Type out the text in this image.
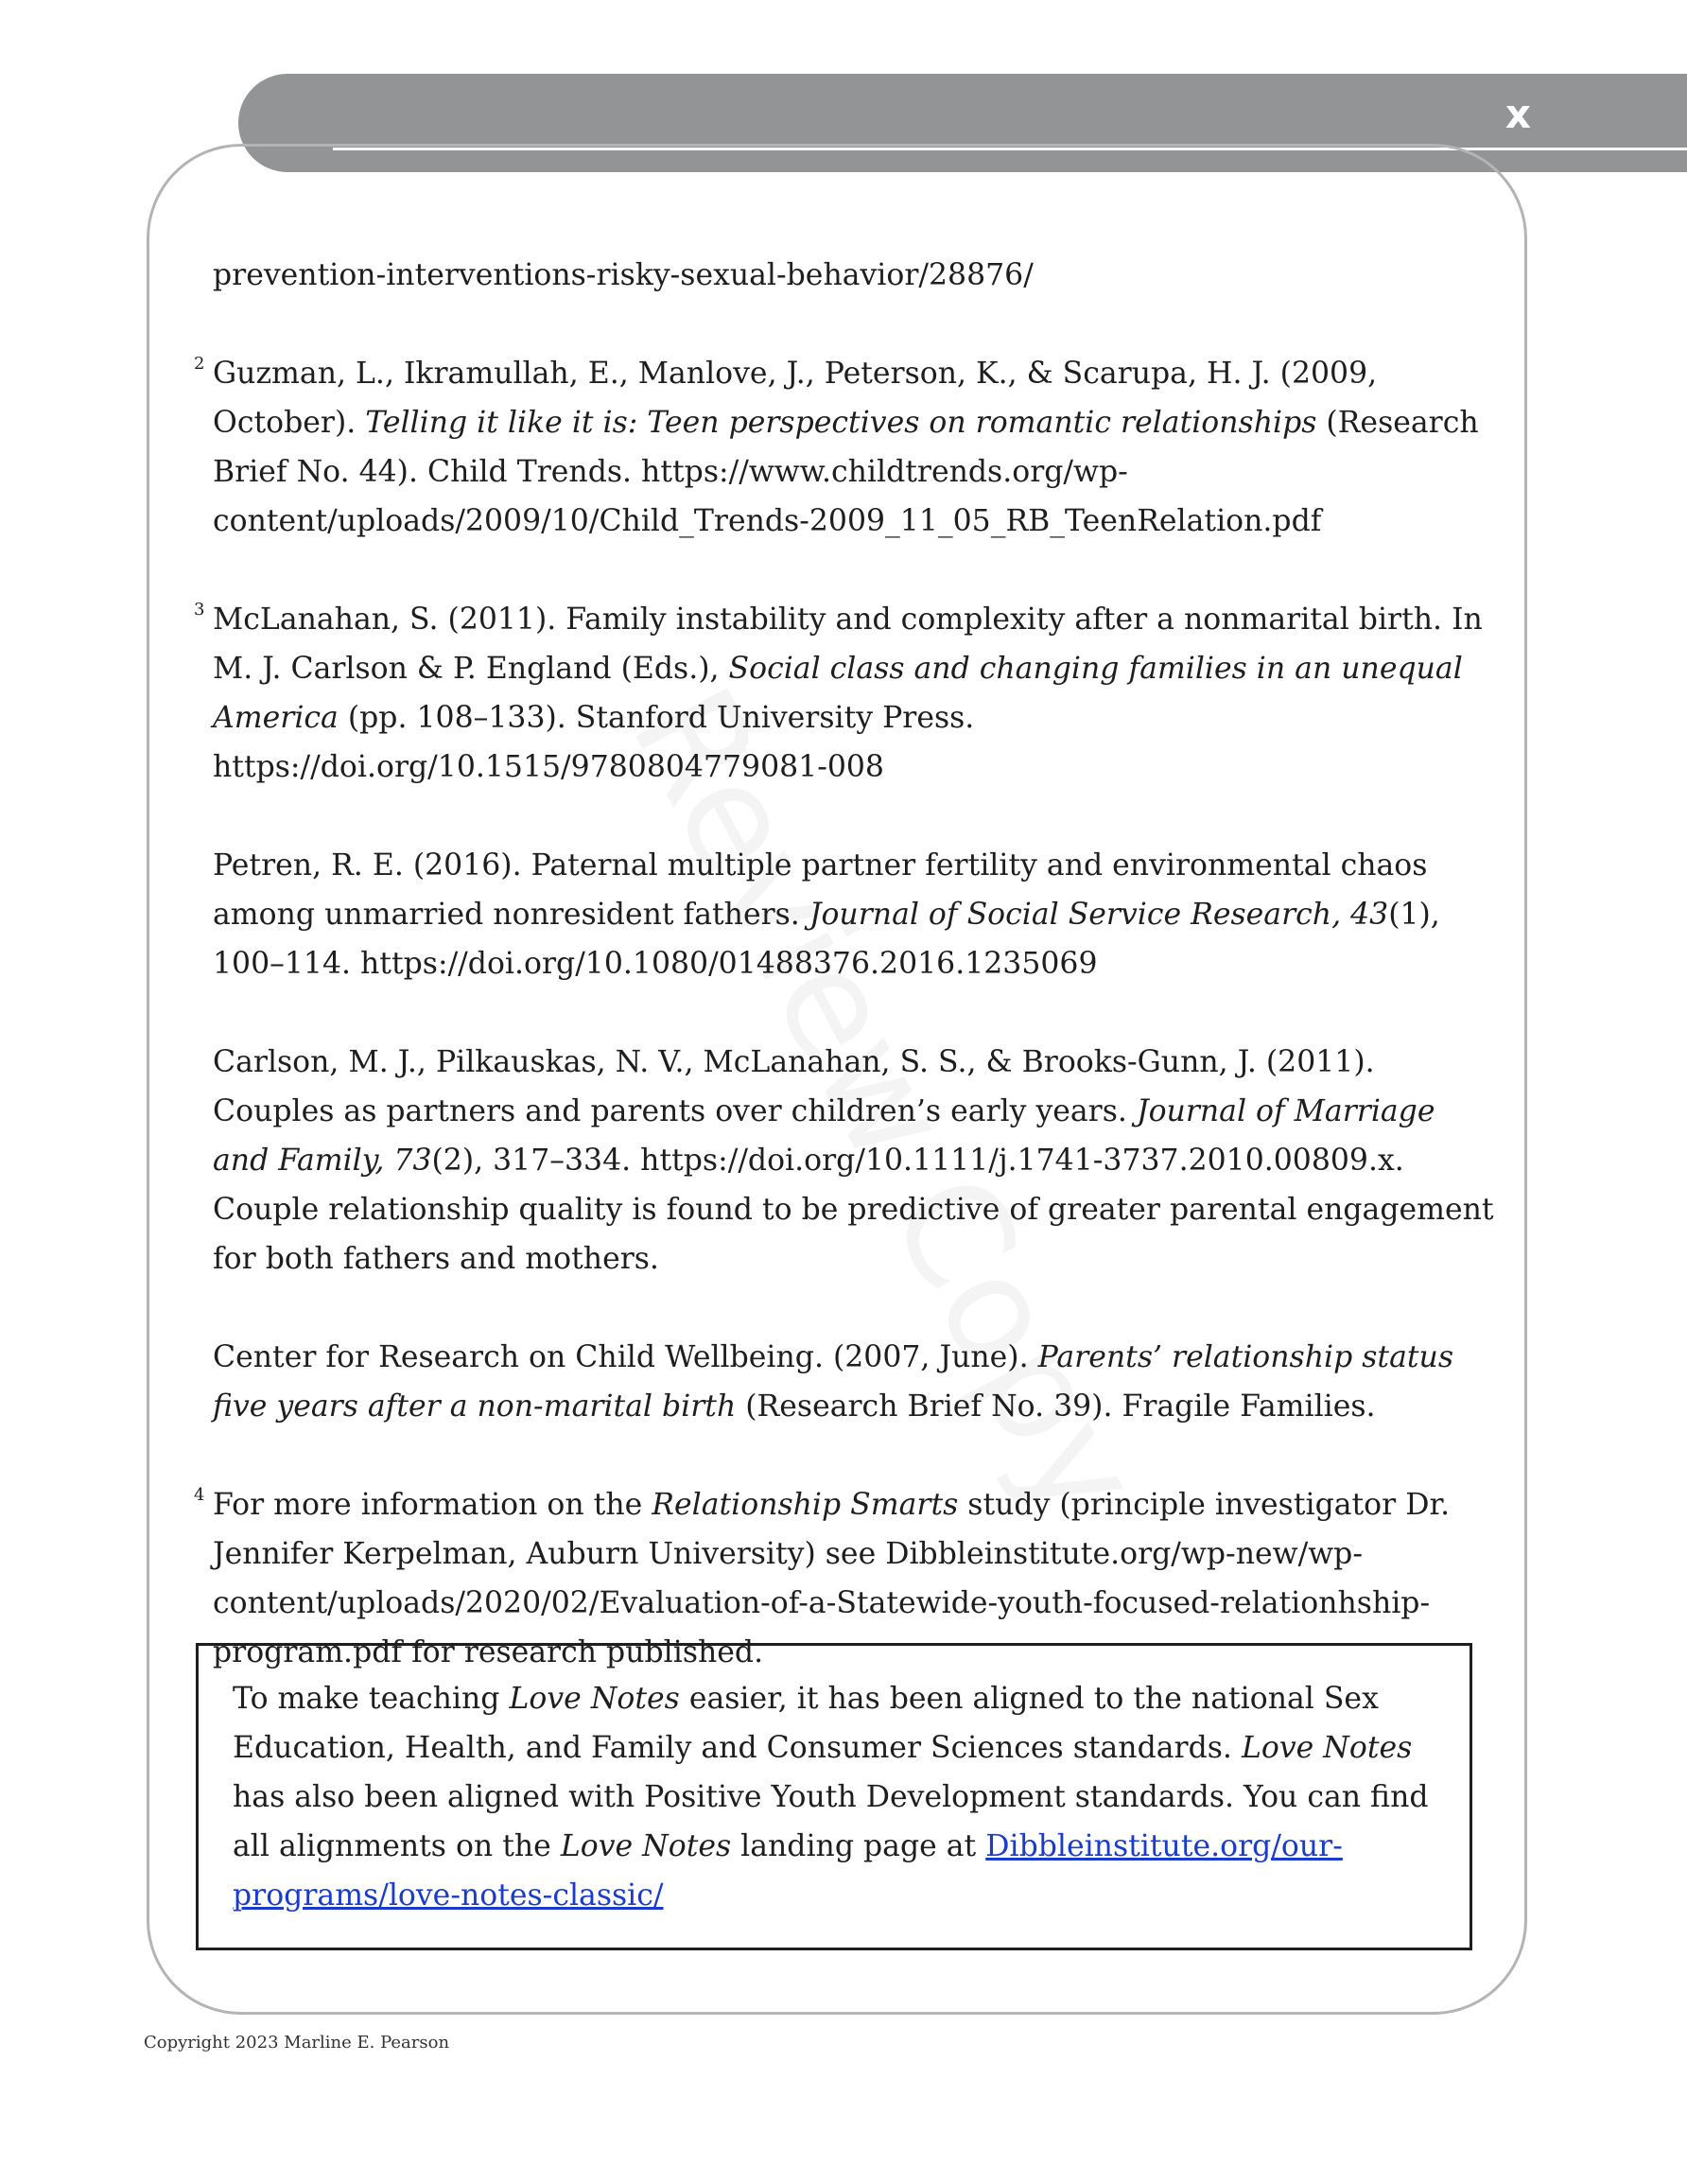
x

prevention-interventions-risky-sexual-behavior/28876/

2 Guzman, L., Ikramullah, E., Manlove, J., Peterson, K., & Scarupa, H. J. (2009, October). Telling it like it is: Teen perspectives on romantic relationships (Research Brief No. 44). Child Trends. https://www.childtrends.org/wp-content/uploads/2009/10/Child_Trends-2009_11_05_RB_TeenRelation.pdf

3 McLanahan, S. (2011). Family instability and complexity after a nonmarital birth. In M. J. Carlson & P. England (Eds.), Social class and changing families in an unequal America (pp. 108–133). Stanford University Press. https://doi.org/10.1515/9780804779081-008

Petren, R. E. (2016). Paternal multiple partner fertility and environmental chaos among unmarried nonresident fathers. Journal of Social Service Research, 43(1), 100–114. https://doi.org/10.1080/01488376.2016.1235069

Carlson, M. J., Pilkauskas, N. V., McLanahan, S. S., & Brooks-Gunn, J. (2011). Couples as partners and parents over children’s early years. Journal of Marriage and Family, 73(2), 317–334. https://doi.org/10.1111/j.1741-3737.2010.00809.x. Couple relationship quality is found to be predictive of greater parental engagement for both fathers and mothers.

Center for Research on Child Wellbeing. (2007, June). Parents’ relationship status five years after a non-marital birth (Research Brief No. 39). Fragile Families.

4 For more information on the Relationship Smarts study (principle investigator Dr. Jennifer Kerpelman, Auburn University) see Dibbleinstitute.org/wp-new/wp-content/uploads/2020/02/Evaluation-of-a-Statewide-youth-focused-relationhship-program.pdf for research published.

To make teaching Love Notes easier, it has been aligned to the national Sex Education, Health, and Family and Consumer Sciences standards. Love Notes has also been aligned with Positive Youth Development standards. You can find all alignments on the Love Notes landing page at Dibbleinstitute.org/our-programs/love-notes-classic/
Copyright 2023 Marline E. Pearson
